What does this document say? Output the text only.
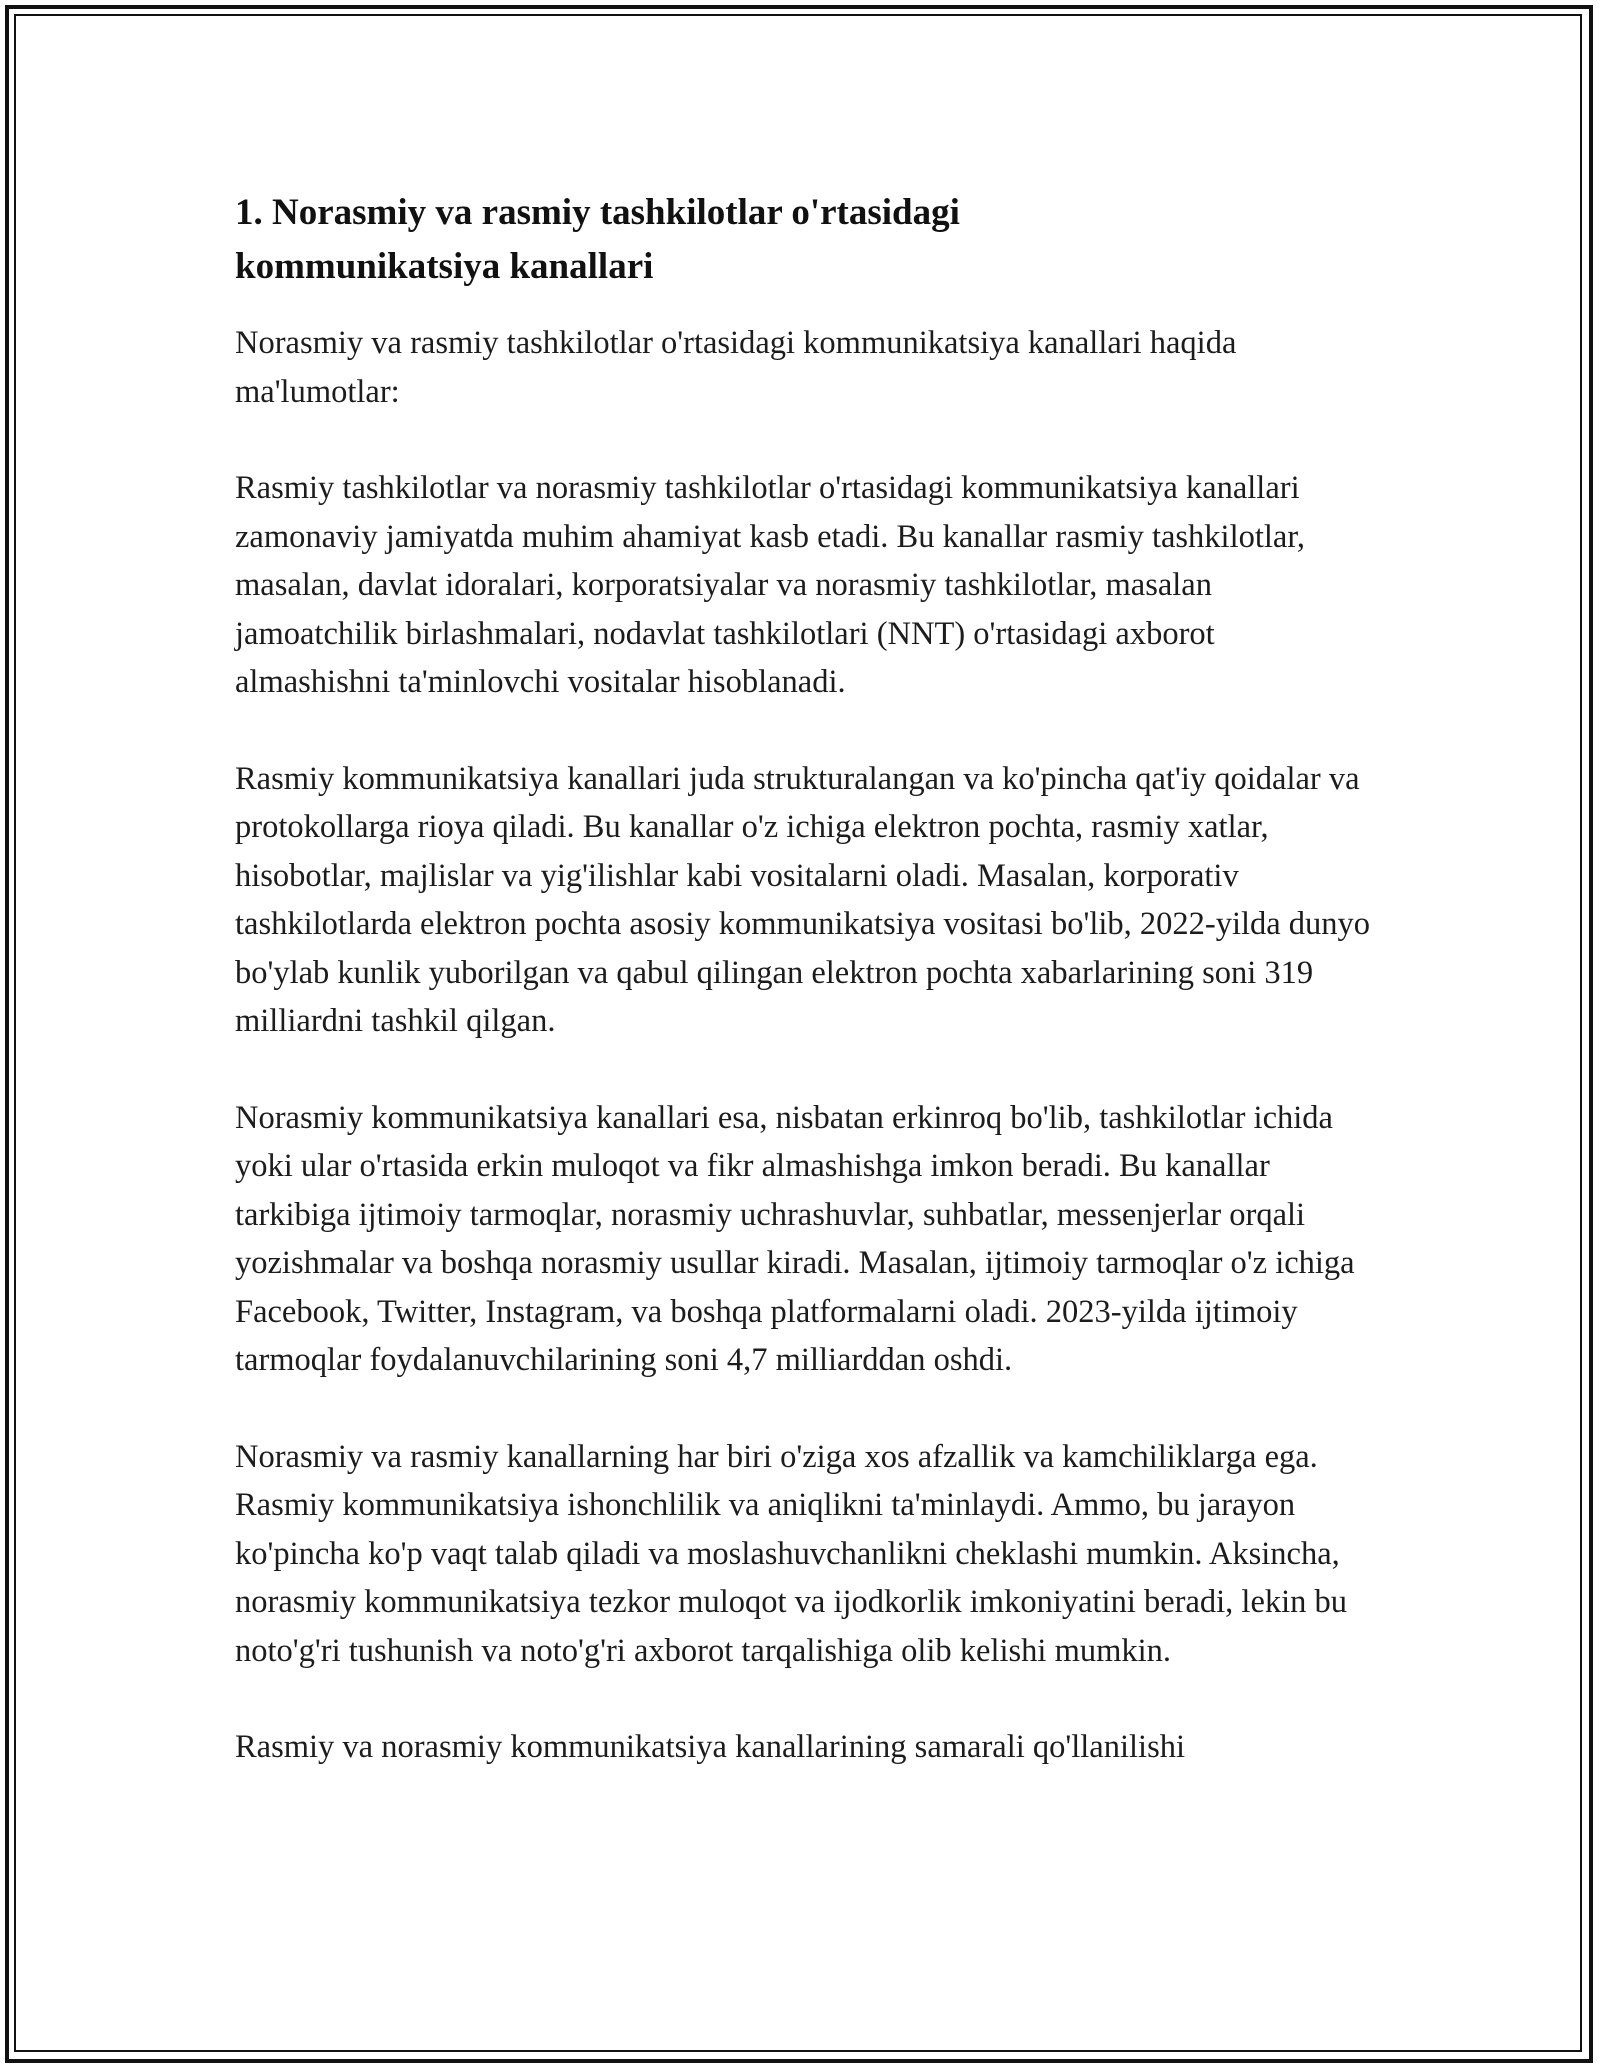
1. Norasmiy va rasmiy tashkilotlar o'rtasidagi
kommunikatsiya kanallari

Norasmiy va rasmiy tashkilotlar o'rtasidagi kommunikatsiya kanallari haqida ma'lumotlar:

Rasmiy tashkilotlar va norasmiy tashkilotlar o'rtasidagi kommunikatsiya kanallari zamonaviy jamiyatda muhim ahamiyat kasb etadi. Bu kanallar rasmiy tashkilotlar, masalan, davlat idoralari, korporatsiyalar va norasmiy tashkilotlar, masalan jamoatchilik birlashmalari, nodavlat tashkilotlari (NNT) o'rtasidagi axborot almashishni ta'minlovchi vositalar hisoblanadi.

Rasmiy kommunikatsiya kanallari juda strukturalangan va ko'pincha qat'iy qoidalar va protokollarga rioya qiladi. Bu kanallar o'z ichiga elektron pochta, rasmiy xatlar, hisobotlar, majlislar va yig'ilishlar kabi vositalarni oladi. Masalan, korporativ tashkilotlarda elektron pochta asosiy kommunikatsiya vositasi bo'lib, 2022-yilda dunyo bo'ylab kunlik yuborilgan va qabul qilingan elektron pochta xabarlarining soni 319 milliardni tashkil qilgan.

Norasmiy kommunikatsiya kanallari esa, nisbatan erkinroq bo'lib, tashkilotlar ichida yoki ular o'rtasida erkin muloqot va fikr almashishga imkon beradi. Bu kanallar tarkibiga ijtimoiy tarmoqlar, norasmiy uchrashuvlar, suhbatlar, messenjerlar orqali yozishmalar va boshqa norasmiy usullar kiradi. Masalan, ijtimoiy tarmoqlar o'z ichiga Facebook, Twitter, Instagram, va boshqa platformalarni oladi. 2023-yilda ijtimoiy tarmoqlar foydalanuvchilarining soni 4,7 milliarddan oshdi.

Norasmiy va rasmiy kanallarning har biri o'ziga xos afzallik va kamchiliklarga ega. Rasmiy kommunikatsiya ishonchlilik va aniqlikni ta'minlaydi. Ammo, bu jarayon ko'pincha ko'p vaqt talab qiladi va moslashuvchanlikni cheklashi mumkin. Aksincha, norasmiy kommunikatsiya tezkor muloqot va ijodkorlik imkoniyatini beradi, lekin bu noto'g'ri tushunish va noto'g'ri axborot tarqalishiga olib kelishi mumkin.

Rasmiy va norasmiy kommunikatsiya kanallarining samarali qo'llanilishi
